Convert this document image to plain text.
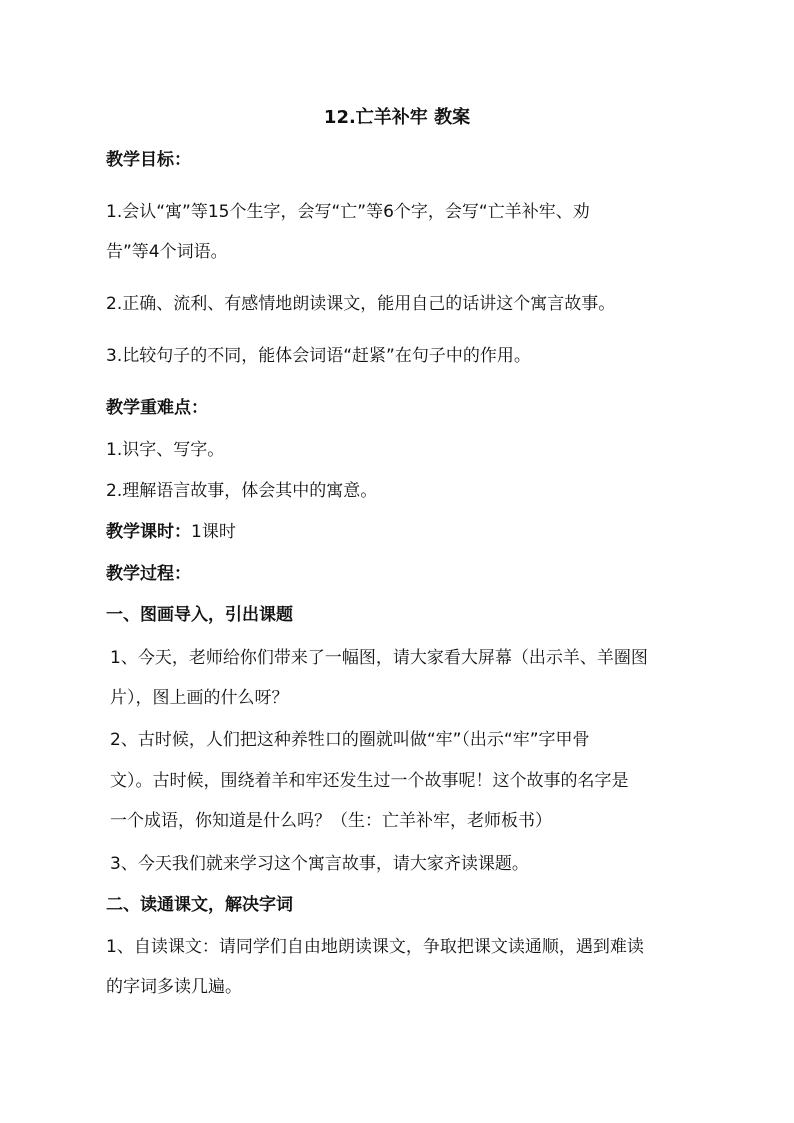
12.亡羊补牢 教案
教学目标：
1.会认“寓”等15个生字，会写“亡”等6个字，会写“亡羊补牢、劝
告”等4个词语。
2.正确、流利、有感情地朗读课文，能用自己的话讲这个寓言故事。
3.比较句子的不同，能体会词语“赶紧”在句子中的作用。
教学重难点：
1.识字、写字。
2.理解语言故事，体会其中的寓意。
教学课时：1课时
教学过程：
一、图画导入，引出课题
1、今天，老师给你们带来了一幅图，请大家看大屏幕（出示羊、羊圈图
片），图上画的什么呀？
2、古时候，人们把这种养牲口的圈就叫做“牢”（出示“牢”字甲骨
文）。古时候，围绕着羊和牢还发生过一个故事呢！这个故事的名字是
一个成语，你知道是什么吗？（生：亡羊补牢，老师板书）
3、今天我们就来学习这个寓言故事，请大家齐读课题。
二、读通课文，解决字词
1、自读课文：请同学们自由地朗读课文，争取把课文读通顺，遇到难读
的字词多读几遍。
